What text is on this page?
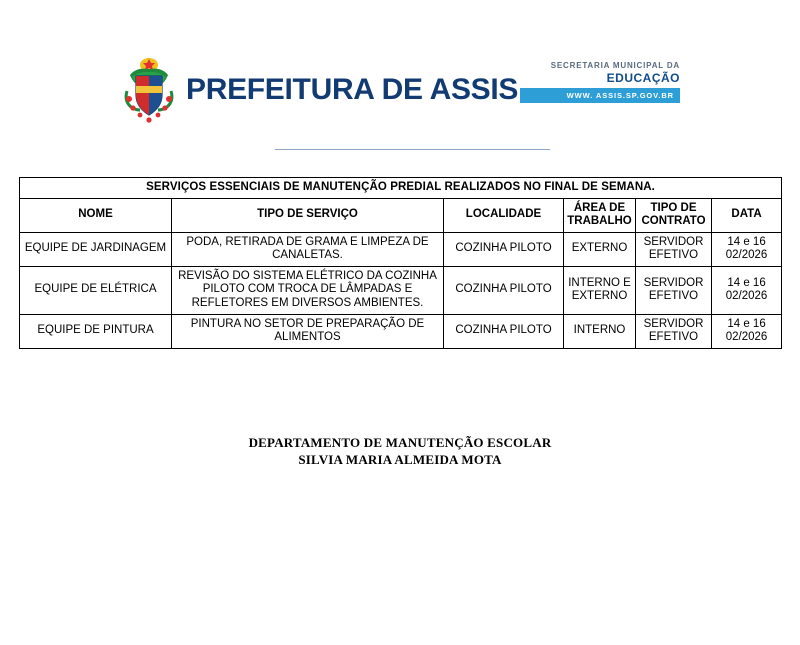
PREFEITURA DE ASSIS
SECRETARIA MUNICIPAL DA
EDUCAÇÃO
WWW. ASSIS.SP.GOV.BR
SERVIÇOS ESSENCIAIS DE MANUTENÇÃO PREDIAL REALIZADOS NO FINAL DE SEMANA.					
NOME	TIPO DE SERVIÇO	LOCALIDADE	ÁREA DE TRABALHO	TIPO DE CONTRATO	DATA
EQUIPE DE JARDINAGEM	PODA, RETIRADA DE GRAMA E LIMPEZA DE CANALETAS.	COZINHA PILOTO	EXTERNO	SERVIDOR EFETIVO	14 e 16 02/2026
EQUIPE DE ELÉTRICA	REVISÃO DO SISTEMA ELÉTRICO DA COZINHA PILOTO COM TROCA DE LÂMPADAS E REFLETORES EM DIVERSOS AMBIENTES.	COZINHA PILOTO	INTERNO E EXTERNO	SERVIDOR EFETIVO	14 e 16 02/2026
EQUIPE DE PINTURA	PINTURA NO SETOR DE PREPARAÇÃO DE ALIMENTOS	COZINHA PILOTO	INTERNO	SERVIDOR EFETIVO	14 e 16 02/2026
DEPARTAMENTO DE MANUTENÇÃO ESCOLAR
SILVIA MARIA ALMEIDA MOTA
